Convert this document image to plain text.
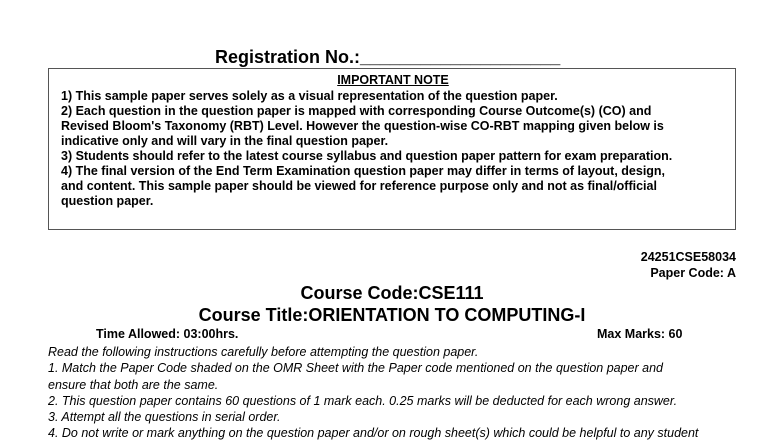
Registration No.:____________________

IMPORTANT NOTE

1) This sample paper serves solely as a visual representation of the question paper.

2) Each question in the question paper is mapped with corresponding Course Outcome(s) (CO) and

Revised Bloom's Taxonomy (RBT) Level. However the question-wise CO-RBT mapping given below is

indicative only and will vary in the final question paper.

3) Students should refer to the latest course syllabus and question paper pattern for exam preparation.

4) The final version of the End Term Examination question paper may differ in terms of layout, design,

and content. This sample paper should be viewed for reference purpose only and not as final/official

question paper.

24251CSE58034
Paper Code: A
Course Code:CSE111
Course Title:ORIENTATION TO COMPUTING-I
Time Allowed: 03:00hrs.	Max Marks: 60

Read the following instructions carefully before attempting the question paper.

1. Match the Paper Code shaded on the OMR Sheet with the Paper code mentioned on the question paper and

ensure that both are the same.

2. This question paper contains 60 questions of 1 mark each. 0.25 marks will be deducted for each wrong answer.

3. Attempt all the questions in serial order.

4. Do not write or mark anything on the question paper and/or on rough sheet(s) which could be helpful to any student
